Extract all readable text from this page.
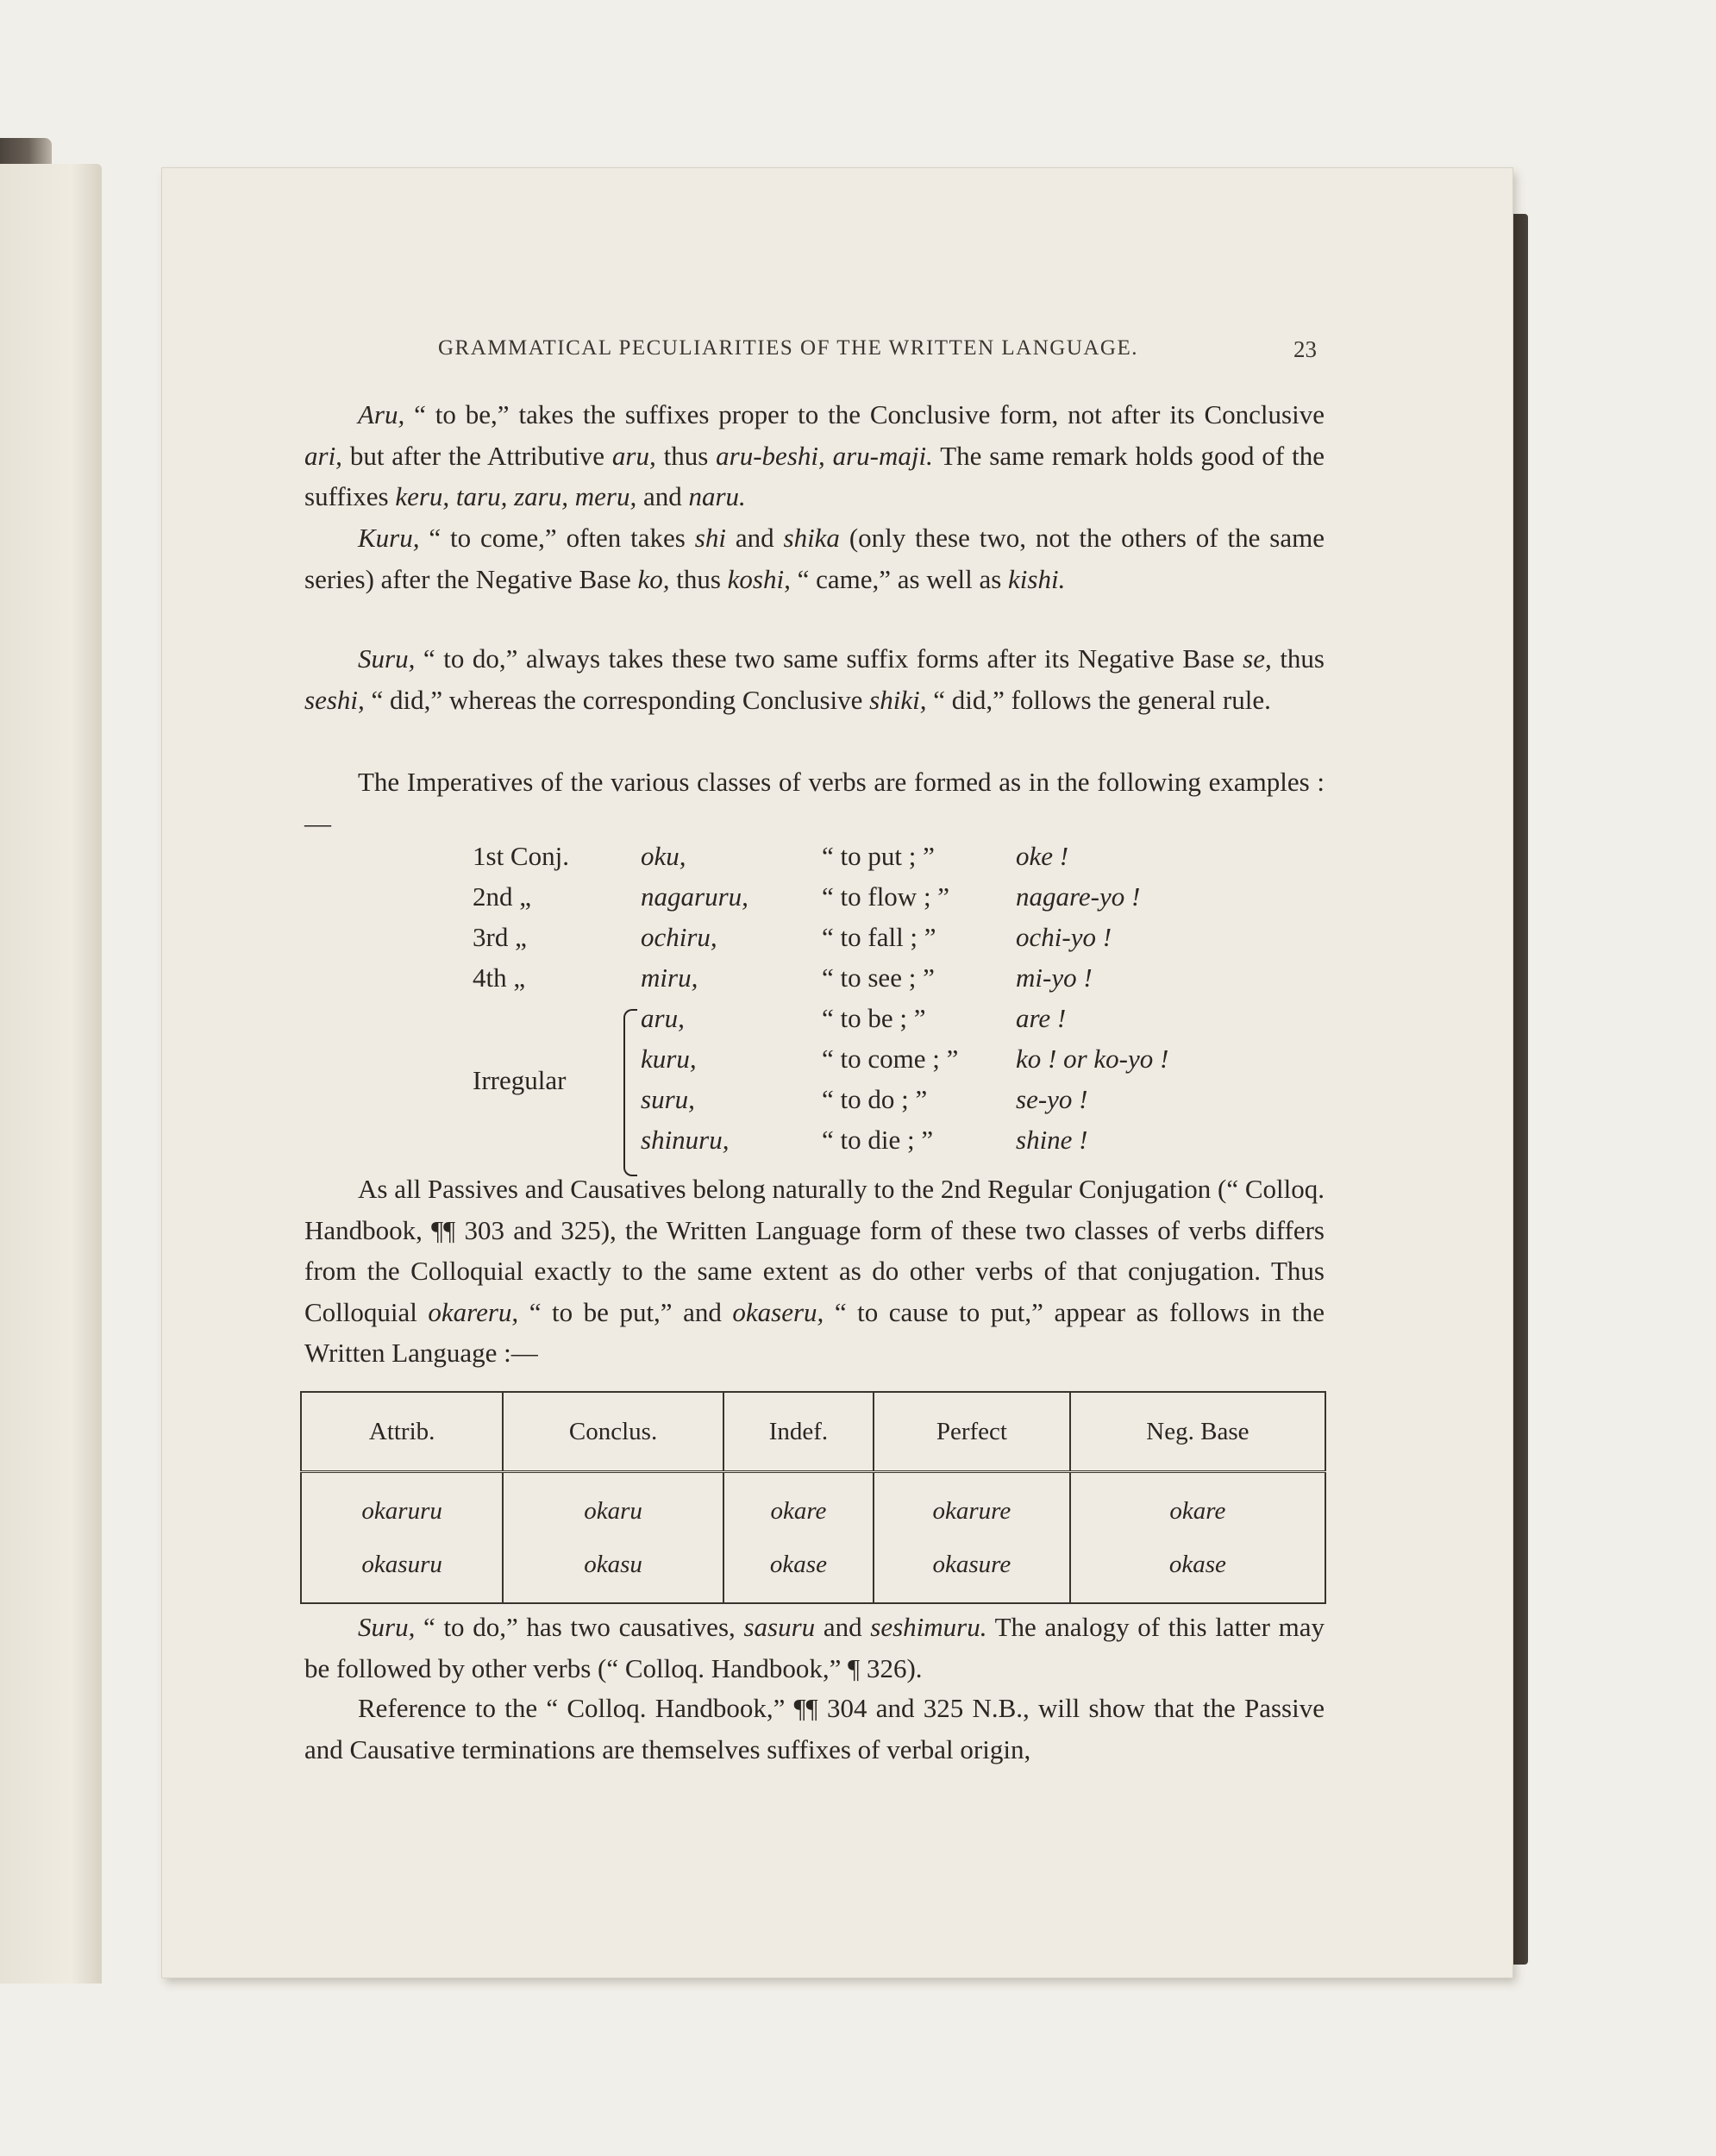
GRAMMATICAL PECULIARITIES OF THE WRITTEN LANGUAGE.	23
Aru, “ to be,” takes the suffixes proper to the Conclusive form, not after its Conclusive ari, but after the Attributive aru, thus aru-beshi, aru-maji. The same remark holds good of the suffixes keru, taru, zaru, meru, and naru.
Kuru, “ to come,” often takes shi and shika (only these two, not the others of the same series) after the Negative Base ko, thus koshi, “ came,” as well as kishi.
Suru, “ to do,” always takes these two same suffix forms after its Negative Base se, thus seshi, “ did,” whereas the corresponding Conclusive shiki, “ did,” follows the general rule.
The Imperatives of the various classes of verbs are formed as in the following examples :—
1st Conj.	oku,	“ to put ; ”	oke !
2nd „	nagaruru,	“ to flow ; ” nagare-yo !
3rd „	ochiru,	“ to fall ; ”	ochi-yo !
4th „	miru,	“ to see ; ”	mi-yo !
Irregular
aru,	“ to be ; ”	are !
kuru,	“ to come ; ” ko ! or ko-yo !
suru,	“ to do ; ”	se-yo !
shinuru,	“ to die ; ”	shine !
As all Passives and Causatives belong naturally to the 2nd Regular Conjugation (“ Colloq. Handbook, ¶¶ 303 and 325), the Written Language form of these two classes of verbs differs from the Colloquial exactly to the same extent as do other verbs of that conjugation. Thus Colloquial okareru, “ to be put,” and okaseru, “ to cause to put,” appear as follows in the Written Language :—
Attrib.	Conclus.	Indef.	Perfect	Neg. Base
okaruru	okaru	okare	okarure	okare
okasuru	okasu	okase	okasure	okase
Suru, “ to do,” has two causatives, sasuru and seshimuru. The analogy of this latter may be followed by other verbs (“ Colloq. Handbook,” ¶ 326).
Reference to the “ Colloq. Handbook,” ¶¶ 304 and 325 N.B., will show that the Passive and Causative terminations are themselves suffixes of verbal origin,
